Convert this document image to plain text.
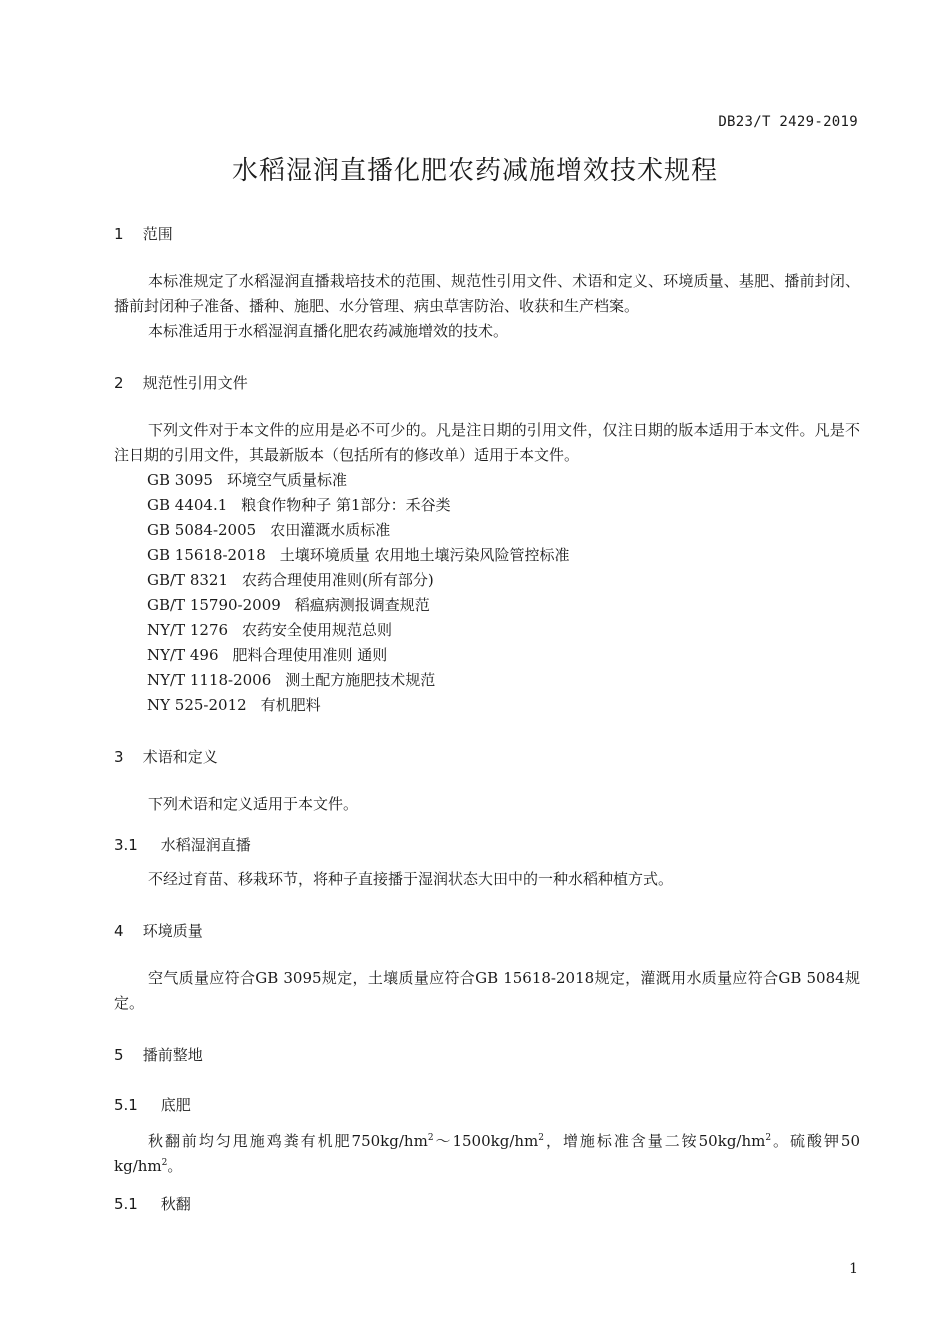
DB23/T 2429-2019
水稻湿润直播化肥农药减施增效技术规程
1 范围

本标准规定了水稻湿润直播栽培技术的范围、规范性引用文件、术语和定义、环境质量、基肥、播前封闭、播前封闭种子准备、播种、施肥、水分管理、病虫草害防治、收获和生产档案。

本标准适用于水稻湿润直播化肥农药减施增效的技术。

2 规范性引用文件

下列文件对于本文件的应用是必不可少的。凡是注日期的引用文件，仅注日期的版本适用于本文件。凡是不注日期的引用文件，其最新版本（包括所有的修改单）适用于本文件。

GB 3095 环境空气质量标准
GB 4404.1 粮食作物种子 第1部分：禾谷类
GB 5084-2005 农田灌溉水质标准
GB 15618-2018 土壤环境质量 农用地土壤污染风险管控标准
GB/T 8321 农药合理使用准则(所有部分)
GB/T 15790-2009 稻瘟病测报调查规范
NY/T 1276 农药安全使用规范总则
NY/T 496 肥料合理使用准则 通则
NY/T 1118-2006 测土配方施肥技术规范
NY 525-2012 有机肥料
3 术语和定义

下列术语和定义适用于本文件。

3.1 水稻湿润直播

不经过育苗、移栽环节，将种子直接播于湿润状态大田中的一种水稻种植方式。

4 环境质量

空气质量应符合GB 3095规定，土壤质量应符合GB 15618-2018规定，灌溉用水质量应符合GB 5084规定。

5 播前整地
5.1 底肥

秋翻前均匀甩施鸡粪有机肥$750kg/hm^2\sim 1500kg/hm^2$，增施标准含量二铵$50kg/hm^2$。硫酸钾50 $kg/hm^2$。

5.1 秋翻
1
